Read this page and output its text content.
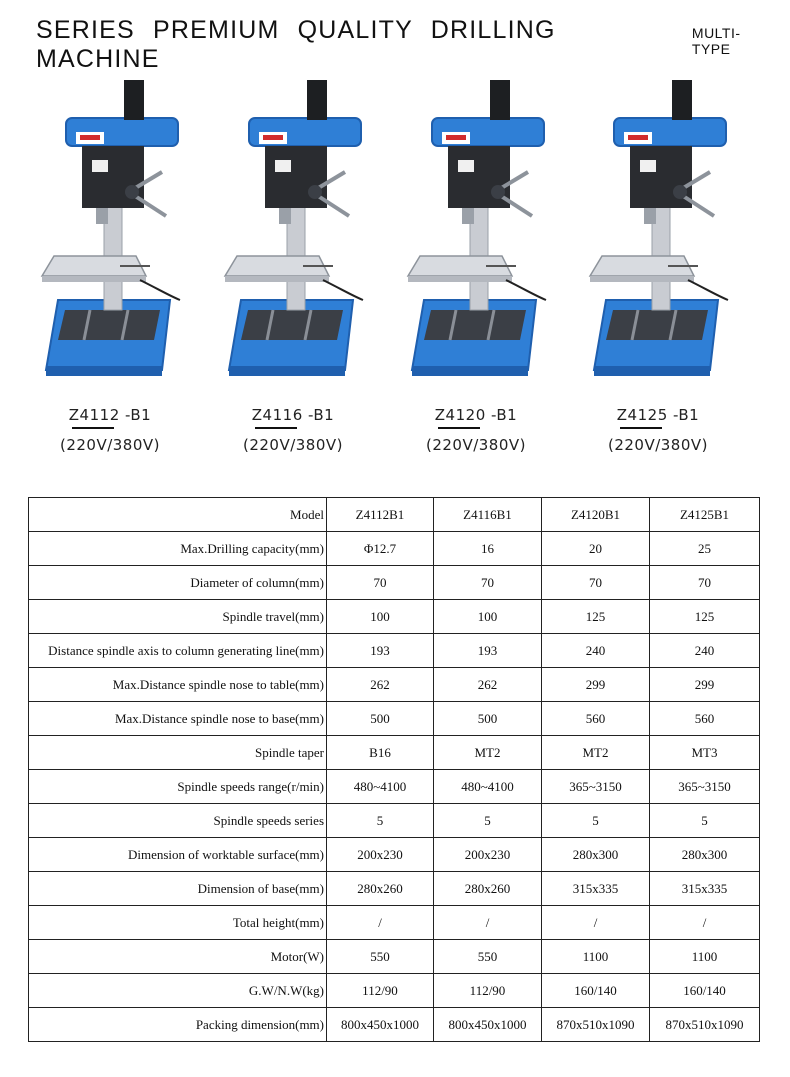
SERIES PREMIUM QUALITY DRILLING MACHINE
MULTI-TYPE
Z4112 -B1
(220V/380V)
Z4116 -B1
(220V/380V)
Z4120 -B1
(220V/380V)
Z4125 -B1
(220V/380V)
Model	Z4112B1	Z4116B1	Z4120B1	Z4125B1
Max.Drilling capacity(mm)	Φ12.7	16	20	25
Diameter of column(mm)	70	70	70	70
Spindle travel(mm)	100	100	125	125
Distance spindle axis to column generating line(mm)	193	193	240	240
Max.Distance spindle nose to table(mm)	262	262	299	299
Max.Distance spindle nose to base(mm)	500	500	560	560
Spindle taper	B16	MT2	MT2	MT3
Spindle speeds range(r/min)	480~4100	480~4100	365~3150	365~3150
Spindle speeds series	5	5	5	5
Dimension of worktable surface(mm)	200x230	200x230	280x300	280x300
Dimension of base(mm)	280x260	280x260	315x335	315x335
Total height(mm)	/	/	/	/
Motor(W)	550	550	1100	1100
G.W/N.W(kg)	112/90	112/90	160/140	160/140
Packing dimension(mm)	800x450x1000	800x450x1000	870x510x1090	870x510x1090
